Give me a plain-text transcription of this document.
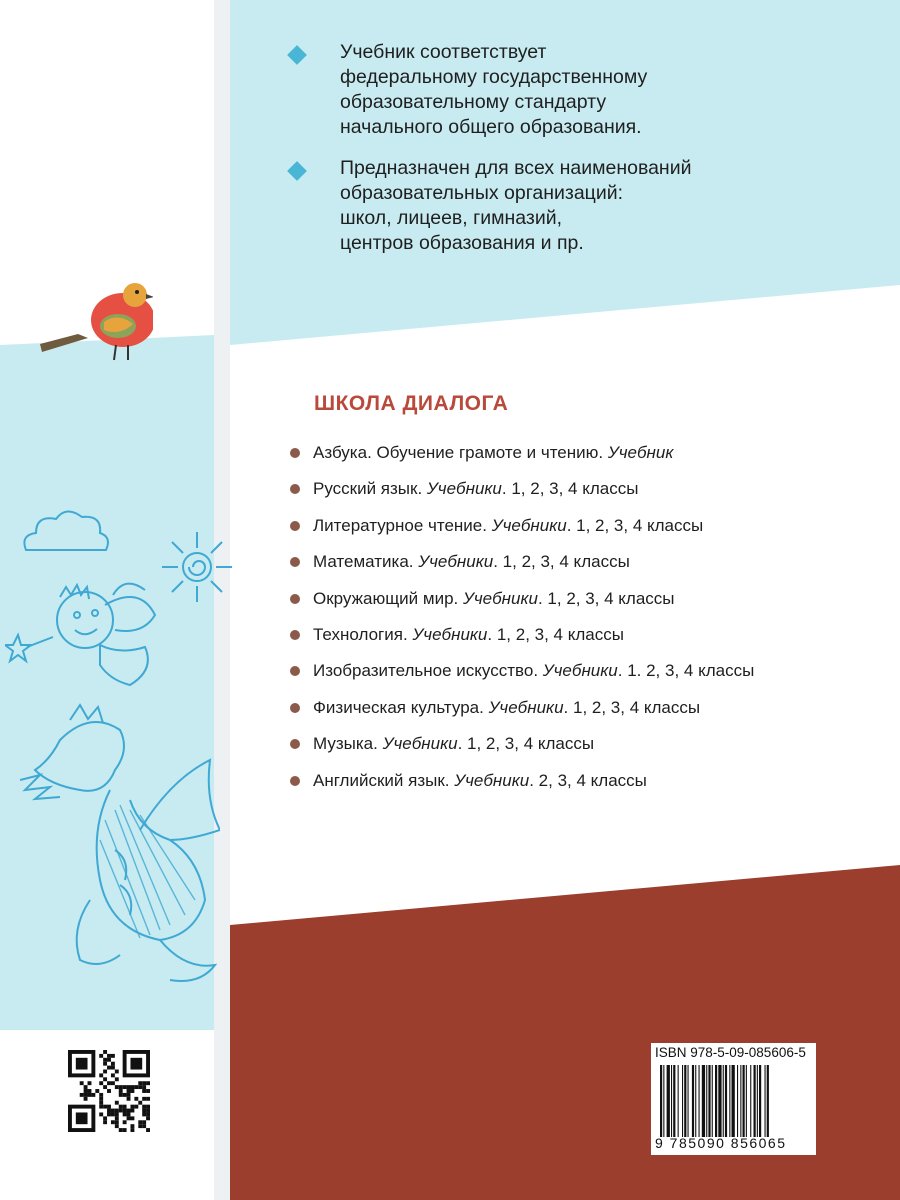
Учебник соответствует
федеральному государственному
образовательному стандарту
начального общего образования.
Предназначен для всех наименований
образовательных организаций:
школ, лицеев, гимназий,
центров образования и пр.
ШКОЛА ДИАЛОГА
Азбука. Обучение грамоте и чтению. Учебник
Русский язык. Учебники. 1, 2, 3, 4 классы
Литературное чтение. Учебники. 1, 2, 3, 4 классы
Математика. Учебники. 1, 2, 3, 4 классы
Окружающий мир. Учебники. 1, 2, 3, 4 классы
Технология. Учебники. 1, 2, 3, 4 классы
Изобразительное искусство. Учебники. 1. 2, 3, 4 классы
Физическая культура. Учебники. 1, 2, 3, 4 классы
Музыка. Учебники. 1, 2, 3, 4 классы
Английский язык. Учебники. 2, 3, 4 классы
ISBN 978-5-09-085606-5
9 785090 856065
